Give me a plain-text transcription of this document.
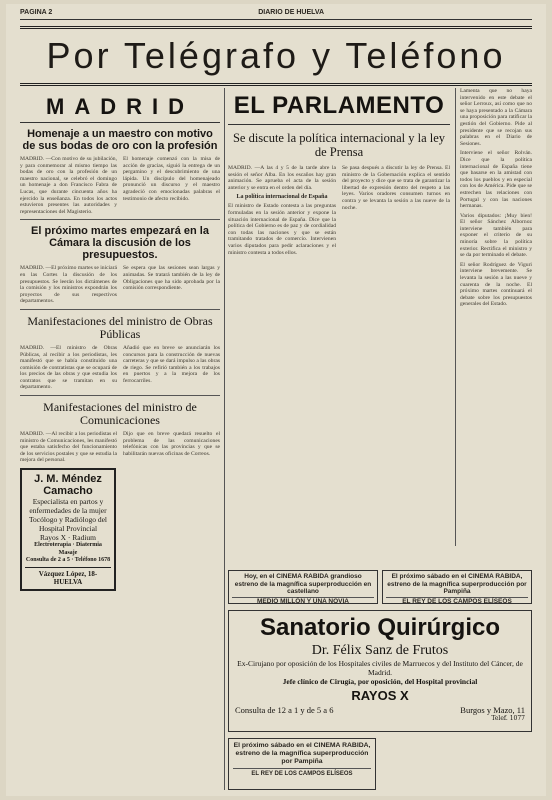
PAGINA 2	DIARIO DE HUELVA

Por Telégrafo y Teléfono
MADRID
Homenaje a un maestro con motivo de sus bodas de oro con la profesión
MADRID. —Con motivo de su jubilación, y para conmemorar al mismo tiempo las bodas de oro con la profesión de un maestro nacional, se celebró el domingo un homenaje a don Francisco Fabra de Lucas, que durante cincuenta años ha ejercido la enseñanza. En todos los actos estuvieron presentes las autoridades y representaciones del Magisterio.
El homenaje comenzó con la misa de acción de gracias, siguió la entrega de un pergamino y el descubrimiento de una lápida. Un discípulo del homenajeado pronunció un discurso y el maestro agradeció con emocionadas palabras el testimonio de afecto recibido.
El próximo martes empezará en la Cámara la discusión de los presupuestos.
MADRID. —El próximo martes se iniciará en las Cortes la discusión de los presupuestos. Se leerán los dictámenes de la comisión y los ministros expondrán los proyectos de sus respectivos departamentos.
Se espera que las sesiones sean largas y animadas. Se tratará también de la ley de Obligaciones que ha sido aprobada por la comisión correspondiente.
Manifestaciones del ministro de Obras Públicas
MADRID. —El ministro de Obras Públicas, al recibir a los periodistas, les manifestó que se había constituido una comisión de contratistas que se ocupará de los precios de las obras y que estudia los contratos que se tramitan en su departamento.
Añadió que en breve se anunciarán los concursos para la construcción de nuevas carreteras y que se dará impulso a las obras de riego. Se refirió también a los trabajos en puertos y a la mejora de los ferrocarriles.
Manifestaciones del ministro de Comunicaciones
MADRID. —Al recibir a los periodistas el ministro de Comunicaciones, les manifestó que estaba satisfecho del funcionamiento de los servicios postales y que se estudia la mejora del personal.
J. M. Méndez Camacho
Especialista en partos y enfermedades de la mujer
Tocólogo y Radiólogo del Hospital Provincial
Rayos X · Radium
Electroterapia · Diatermia Masaje
Consulta de 2 a 5 · Teléfono 1678
Vázquez López, 18-HUELVA
Dijo que en breve quedará resuelto el problema de las comunicaciones telefónicas con las provincias y que se habilitarán nuevas oficinas de Correos.
EL PARLAMENTO
Se discute la política internacional y la ley de Prensa
MADRID. —A las 4 y 5 de la tarde abre la sesión el señor Alba. En los escaños hay gran animación. Se aprueba el acta de la sesión anterior y se entra en el orden del día.
La política internacional de España
El ministro de Estado contesta a las preguntas formuladas en la sesión anterior y expone la situación internacional de España. Dice que la política del Gobierno es de paz y de cordialidad con todas las naciones y que se están tramitando tratados de comercio. Intervienen varios diputados para pedir aclaraciones y el ministro contesta a todos ellos.
Se pasa después a discutir la ley de Prensa. El ministro de la Gobernación explica el sentido del proyecto y dice que se trata de garantizar la libertad de expresión dentro del respeto a las leyes. Varios oradores consumen turnos en contra y se levanta la sesión a las nueve de la noche.
Lamenta que no haya intervenido en este debate el señor Lerroux, así como que no se haya presentado a la Cámara una proposición para ratificar la gestión del Gobierno. Pide al presidente que se recojan sus palabras en el Diario de Sesiones.
Interviene el señor Rolván. Dice que la política internacional de España tiene que basarse en la amistad con todos los pueblos y en especial con los de América. Pide que se estrechen las relaciones con Portugal y con las naciones hermanas.
Varios diputados: ¡Muy bien! El señor Sánchez Albornoz interviene también para exponer el criterio de su minoría sobre la política exterior. Rectifica el ministro y se da por terminado el debate.
El señor Rodríguez de Viguri interviene brevemente. Se levanta la sesión a las nueve y cuarenta de la noche. El próximo martes continuará el debate sobre los presupuestos generales del Estado.
Hoy, en el CINEMA RABIDA grandioso estreno de la magnífica superproducción en castellano
MEDIO MILLÓN Y UNA NOVIA
El próximo sábado en el CINEMA RABIDA, estreno de la magnífica superproducción por Pampiña
EL REY DE LOS CAMPOS ELÍSEOS
Sanatorio Quirúrgico
Dr. Félix Sanz de Frutos
Ex-Cirujano por oposición de los Hospitales civiles de Marruecos y del Instituto del Cáncer, de Madrid.
Jefe clínico de Cirugía, por oposición, del Hospital provincial
RAYOS X
Consulta de 12 a 1 y de 5 a 6	Burgos y Mazo, 11
Telef. 1077
El próximo sábado en el CINEMA RABIDA, estreno de la magnífica superproducción por Pampiña
EL REY DE LOS CAMPOS ELÍSEOS
